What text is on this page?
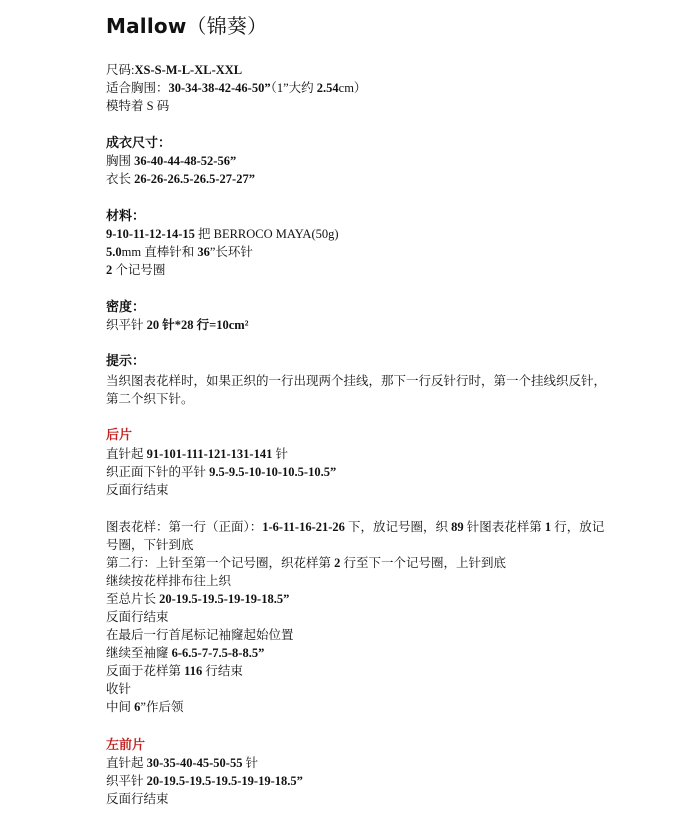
Mallow（锦葵）
尺码:XS-S-M-L-XL-XXL
适合胸围：30-34-38-42-46-50”（1”大约 2.54cm）
模特着 S 码
成衣尺寸：
胸围 36-40-44-48-52-56”
衣长 26-26-26.5-26.5-27-27”
材料：
9-10-11-12-14-15 把 BERROCO MAYA(50g)
5.0mm 直棒针和 36”长环针
2 个记号圈
密度：
织平针 20 针*28 行=10cm²
提示：
当织图表花样时，如果正织的一行出现两个挂线，那下一行反针行时，第一个挂线织反针，
第二个织下针。
后片
直针起 91-101-111-121-131-141 针
织正面下针的平针 9.5-9.5-10-10-10.5-10.5”
反面行结束
图表花样：第一行（正面）：1-6-11-16-21-26 下，放记号圈，织 89 针图表花样第 1 行，放记
号圈，下针到底
第二行：上针至第一个记号圈，织花样第 2 行至下一个记号圈，上针到底
继续按花样排布往上织
至总片长 20-19.5-19.5-19-19-18.5”
反面行结束
在最后一行首尾标记袖窿起始位置
继续至袖窿 6-6.5-7-7.5-8-8.5”
反面于花样第 116 行结束
收针
中间 6”作后领
左前片
直针起 30-35-40-45-50-55 针
织平针 20-19.5-19.5-19.5-19-19-18.5”
反面行结束
